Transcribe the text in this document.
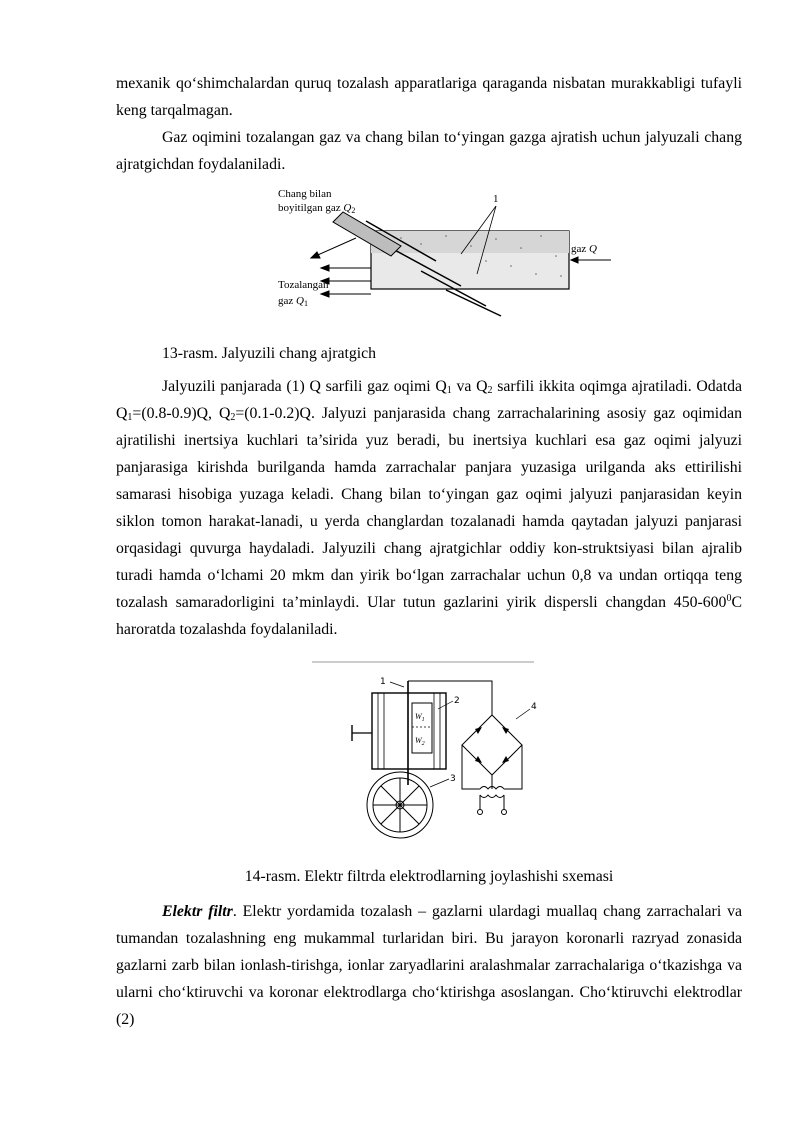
mexanik qo‘shimchalardan quruq tozalash apparatlariga qaraganda nisbatan murakkabligi tufayli keng tarqalmagan.

Gaz oqimini tozalangan gaz va chang bilan to‘yingan gazga ajratish uchun jalyuzali chang ajratgichdan foydalaniladi.

Chang bilan
boyitilgan gaz Q2
1
gaz Q
Tozalangan
gaz Q1

13-rasm. Jalyuzili chang ajratgich

Jalyuzili panjarada (1) Q sarfili gaz oqimi $Q_1$ va $Q_2$ sarfili ikkita oqimga ajratiladi. Odatda $Q_1=(0.8-0.9)Q$, $Q_2=(0.1-0.2)Q$. Jalyuzi panjarasida chang zarrachalarining asosiy gaz oqimidan ajratilishi inertsiya kuchlari ta’sirida yuz beradi, bu inertsiya kuchlari esa gaz oqimi jalyuzi panjarasiga kirishda burilganda hamda zarrachalar panjara yuzasiga urilganda aks ettirilishi samarasi hisobiga yuzaga keladi. Chang bilan to‘yingan gaz oqimi jalyuzi panjarasidan keyin siklon tomon harakat-lanadi, u yerda changlardan tozalanadi hamda qaytadan jalyuzi panjarasi orqasidagi quvurga haydaladi. Jalyuzili chang ajratgichlar oddiy kon-struktsiyasi bilan ajralib turadi hamda o‘lchami 20 mkm dan yirik bo‘lgan zarrachalar uchun 0,8 va undan ortiqqa teng tozalash samaradorligini ta’minlaydi. Ular tutun gazlarini yirik dispersli changdan $450-600^0C$ haroratda tozalashda foydalaniladi.

1
2
3
4
$W_1$
$W_2$

14-rasm. Elektr filtrda elektrodlarning joylashishi sxemasi

Elektr filtr. Elektr yordamida tozalash – gazlarni ulardagi muallaq chang zarrachalari va tumandan tozalashning eng mukammal turlaridan biri. Bu jarayon koronarli razryad zonasida gazlarni zarb bilan ionlash-tirishga, ionlar zaryadlarini aralashmalar zarrachalariga o‘tkazishga va ularni cho‘ktiruvchi va koronar elektrodlarga cho‘ktirishga asoslangan. Cho‘ktiruvchi elektrodlar (2)
